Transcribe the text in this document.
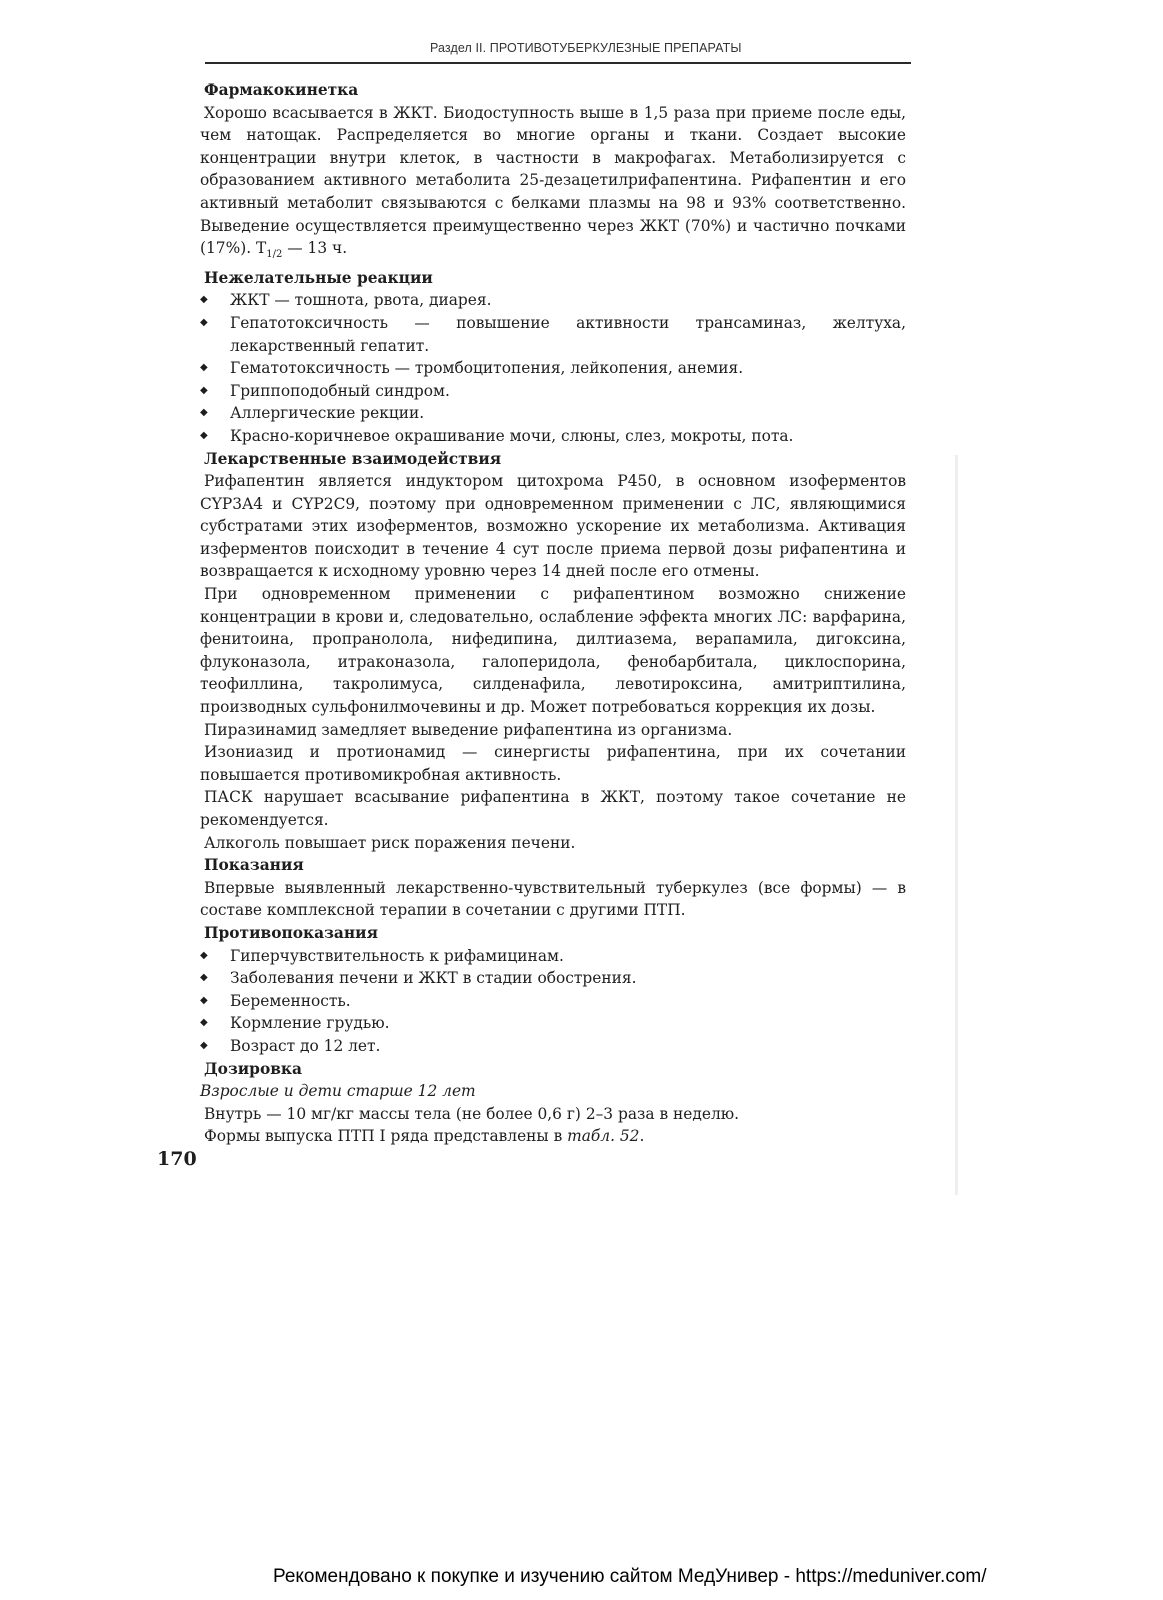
Раздел II. ПРОТИВОТУБЕРКУЛЕЗНЫЕ ПРЕПАРАТЫ
Фармакокинетка

Хорошо всасывается в ЖКТ. Биодоступность выше в 1,5 раза при приеме после еды, чем натощак. Распределяется во многие органы и ткани. Создает высокие концентрации внутри клеток, в частности в макрофагах. Метаболизируется с образованием активного метаболита 25-дезацетилрифапентина. Рифапентин и его активный метаболит связываются с белками плазмы на 98 и 93% соответственно. Выведение осуществляется преимущественно через ЖКТ (70%) и частично почками (17%). $Т_{1/2}$ — 13 ч.

Нежелательные реакции
◆
ЖКТ — тошнота, рвота, диарея.
◆
Гепатотоксичность — повышение активности трансаминаз, желтуха, лекарственный гепатит.
◆
Гематотоксичность — тромбоцитопения, лейкопения, анемия.
◆
Гриппоподобный синдром.
◆
Аллергические рекции.
◆
Красно-коричневое окрашивание мочи, слюны, слез, мокроты, пота.
Лекарственные взаимодействия

Рифапентин является индуктором цитохрома P450, в основном изоферментов CYP3A4 и CYP2C9, поэтому при одновременном применении с ЛС, являющимися субстратами этих изоферментов, возможно ускорение их метаболизма. Активация изферментов поисходит в течение 4 сут после приема первой дозы рифапентина и возвращается к исходному уровню через 14 дней после его отмены.

При одновременном применении с рифапентином возможно снижение концентрации в крови и, следовательно, ослабление эффекта многих ЛС: варфарина, фенитоина, пропранолола, нифедипина, дилтиазема, верапамила, дигоксина, флуконазола, итраконазола, галоперидола, фенобарбитала, циклоспорина, теофиллина, такролимуса, силденафила, левотироксина, амитриптилина, производных сульфонилмочевины и др. Может потребоваться коррекция их дозы.

Пиразинамид замедляет выведение рифапентина из организма.

Изониазид и протионамид — синергисты рифапентина, при их сочетании повышается противомикробная активность.

ПАСК нарушает всасывание рифапентина в ЖКТ, поэтому такое сочетание не рекомендуется.

Алкоголь повышает риск поражения печени.

Показания

Впервые выявленный лекарственно-чувствительный туберкулез (все формы) — в составе комплексной терапии в сочетании с другими ПТП.

Противопоказания
◆
Гиперчувствительность к рифамицинам.
◆
Заболевания печени и ЖКТ в стадии обострения.
◆
Беременность.
◆
Кормление грудью.
◆
Возраст до 12 лет.
Дозировка

Взрослые и дети старше 12 лет

Внутрь — 10 мг/кг массы тела (не более 0,6 г) 2–3 раза в неделю.

Формы выпуска ПТП I ряда представлены в табл. 52.

170
Рекомендовано к покупке и изучению сайтом МедУнивер - https://meduniver.com/
